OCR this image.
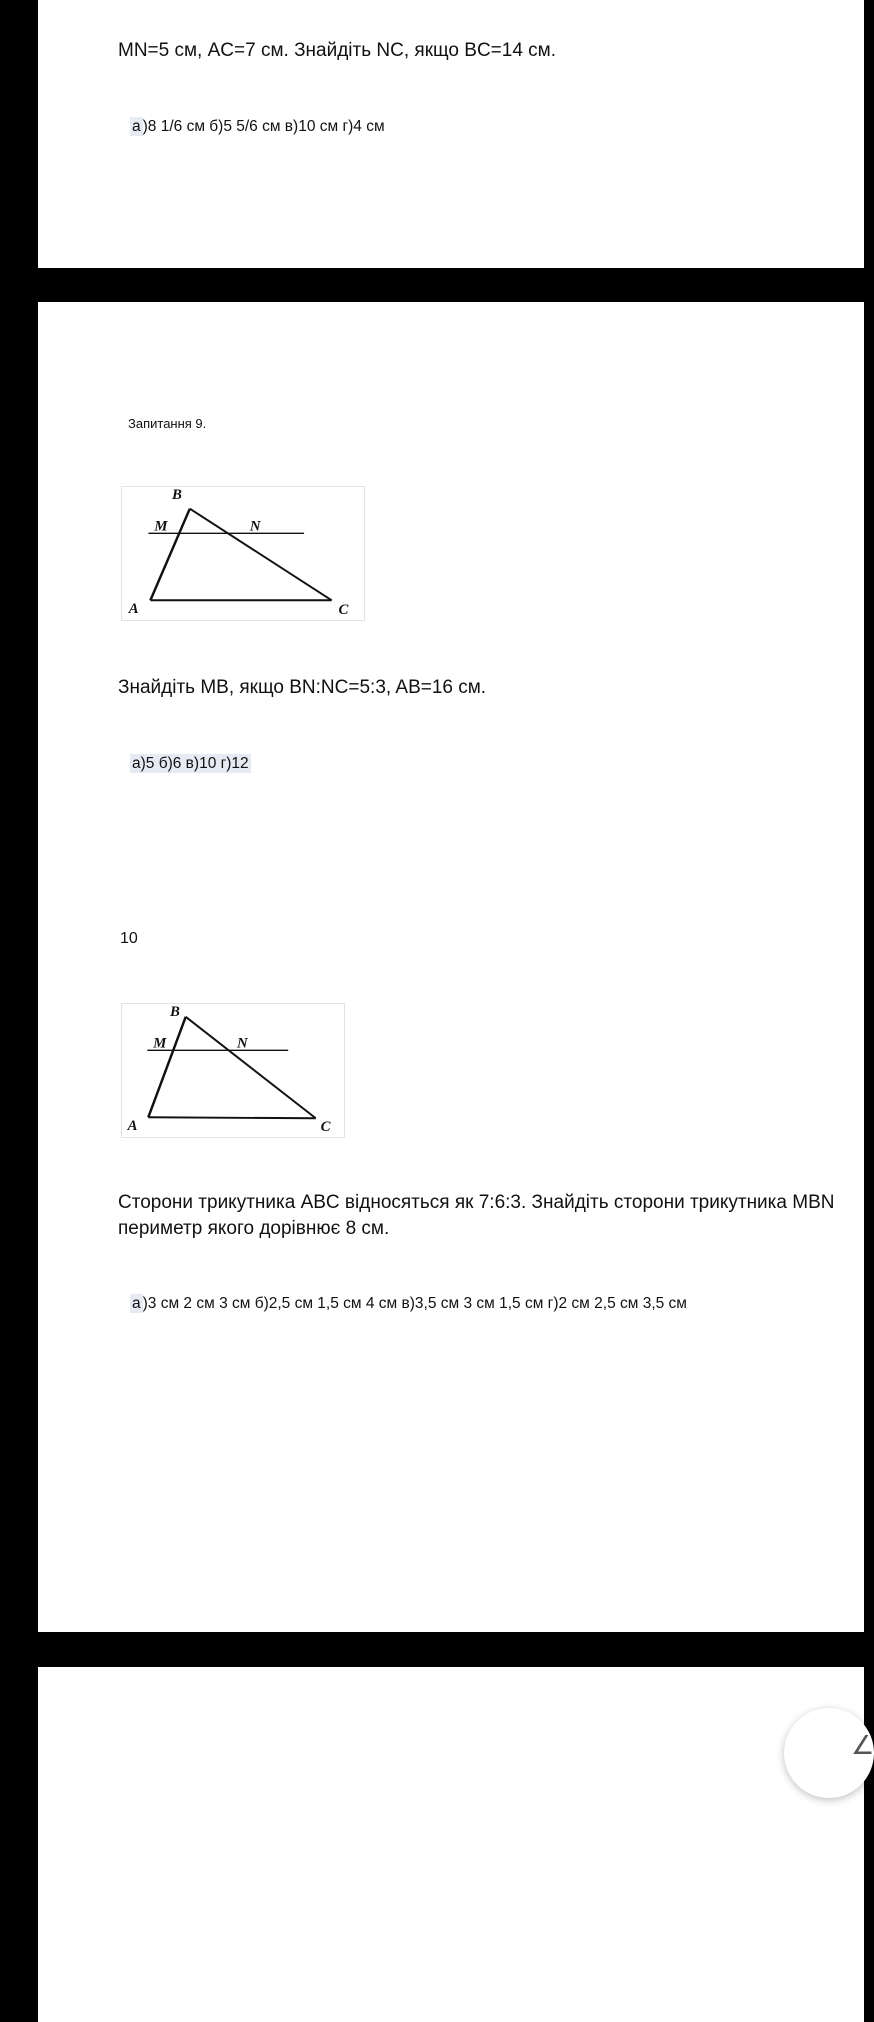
MN=5 см, AC=7 см. Знайдіть NC, якщо BC=14 см.
а )8 1/6 см б)5 5/6 см в)10 см г)4 см
Запитання 9.
B
M	N
A	C
Знайдіть MB, якщо BN:NC=5:3, AB=16 см.
а)5 б)6 в)10 г)12
10
B
M	N
A	C
Сторони трикутника ABC відносяться як 7:6:3. Знайдіть сторони трикутника MBN периметр якого дорівнює 8 см.
а )3 см 2 см 3 см б)2,5 см 1,5 см 4 см в)3,5 см 3 см 1,5 см г)2 см 2,5 см 3,5 см
∠
